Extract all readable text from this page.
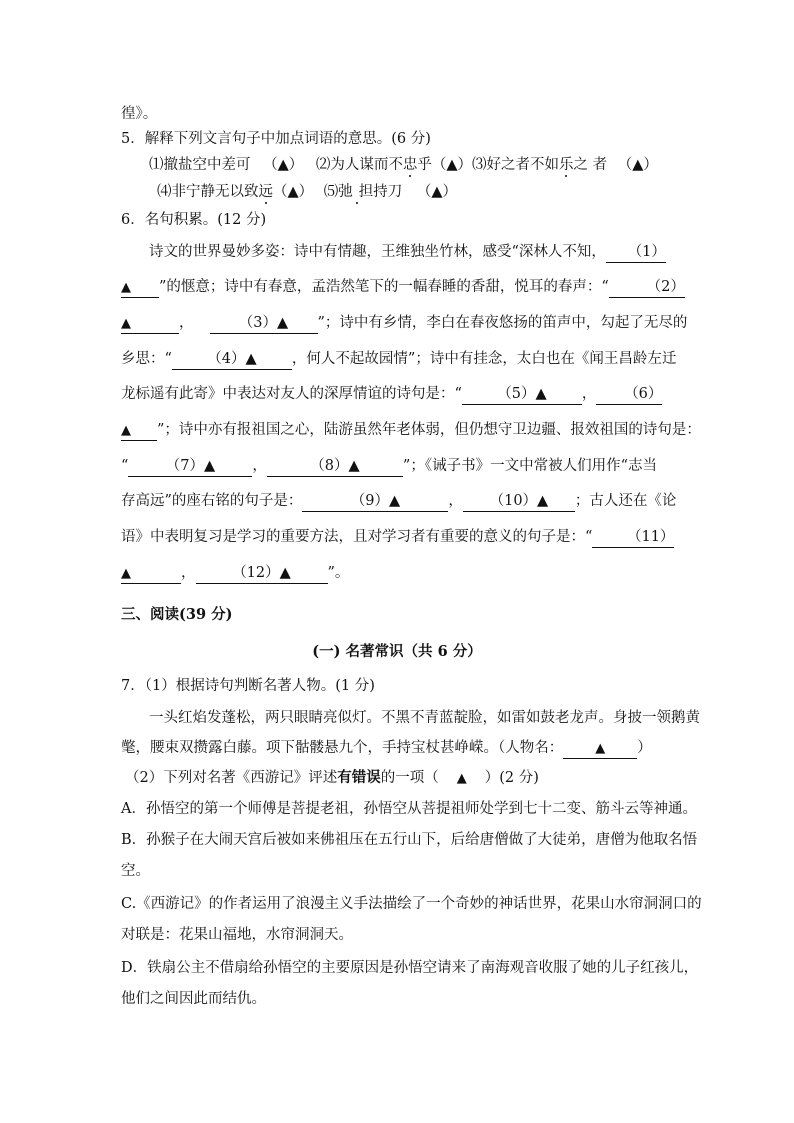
徨》。
5．解释下列文言句子中加点词语的意思。(6 分)
⑴撤盐空中差可 （▲） ⑵为人谋而不忠乎（▲）⑶好之者不如乐之 者 （▲）
⑷非宁静无以致远（▲） ⑸弛 担持刀 （▲）
6．名句积累。(12 分)
诗文的世界曼妙多姿：诗中有情趣，王维独坐竹林，感受“深林人不知， （1）
▲ ”的惬意；诗中有春意，孟浩然笔下的一幅春睡的香甜，悦耳的春声：“	（2）
▲	，	（3）▲ ”；诗中有乡情，李白在春夜悠扬的笛声中，勾起了无尽的
乡思：“ （4）▲ ，何人不起故园情”；诗中有挂念，太白也在《闻王昌龄左迁
龙标遥有此寄》中表达对友人的深厚情谊的诗句是：“ （5）▲ ， （6）
▲ ”；诗中亦有报祖国之心，陆游虽然年老体弱，但仍想守卫边疆、报效祖国的诗句是：
“	（7）▲	，	（8）▲	”；《诫子书》一文中常被人们用作“志当
存高远”的座右铭的句子是：	（9）▲	， （10）▲ ；古人还在《论
语》中表明复习是学习的重要方法，且对学习者有重要的意义的句子是：“ （11）
▲	，	（12）▲	”。
三、阅读(39 分)
(一) 名著常识（共 6 分）
7．（1）根据诗句判断名著人物。(1 分)
一头红焰发蓬松，两只眼睛亮似灯。不黑不青蓝靛脸，如雷如鼓老龙声。身披一领鹅黄
氅，腰束双攒露白藤。项下骷髅悬九个，手持宝杖甚峥嵘。（人物名： ▲ ）
（2）下列对名著《西游记》评述有错误的一项（ ▲ ）(2 分)
A．孙悟空的第一个师傅是菩提老祖，孙悟空从菩提祖师处学到七十二变、筋斗云等神通。
B．孙猴子在大闹天宫后被如来佛祖压在五行山下，后给唐僧做了大徒弟，唐僧为他取名悟
空。
C.《西游记》的作者运用了浪漫主义手法描绘了一个奇妙的神话世界，花果山水帘洞洞口的
对联是：花果山福地，水帘洞洞天。
D．铁扇公主不借扇给孙悟空的主要原因是孙悟空请来了南海观音收服了她的儿子红孩儿，
他们之间因此而结仇。
